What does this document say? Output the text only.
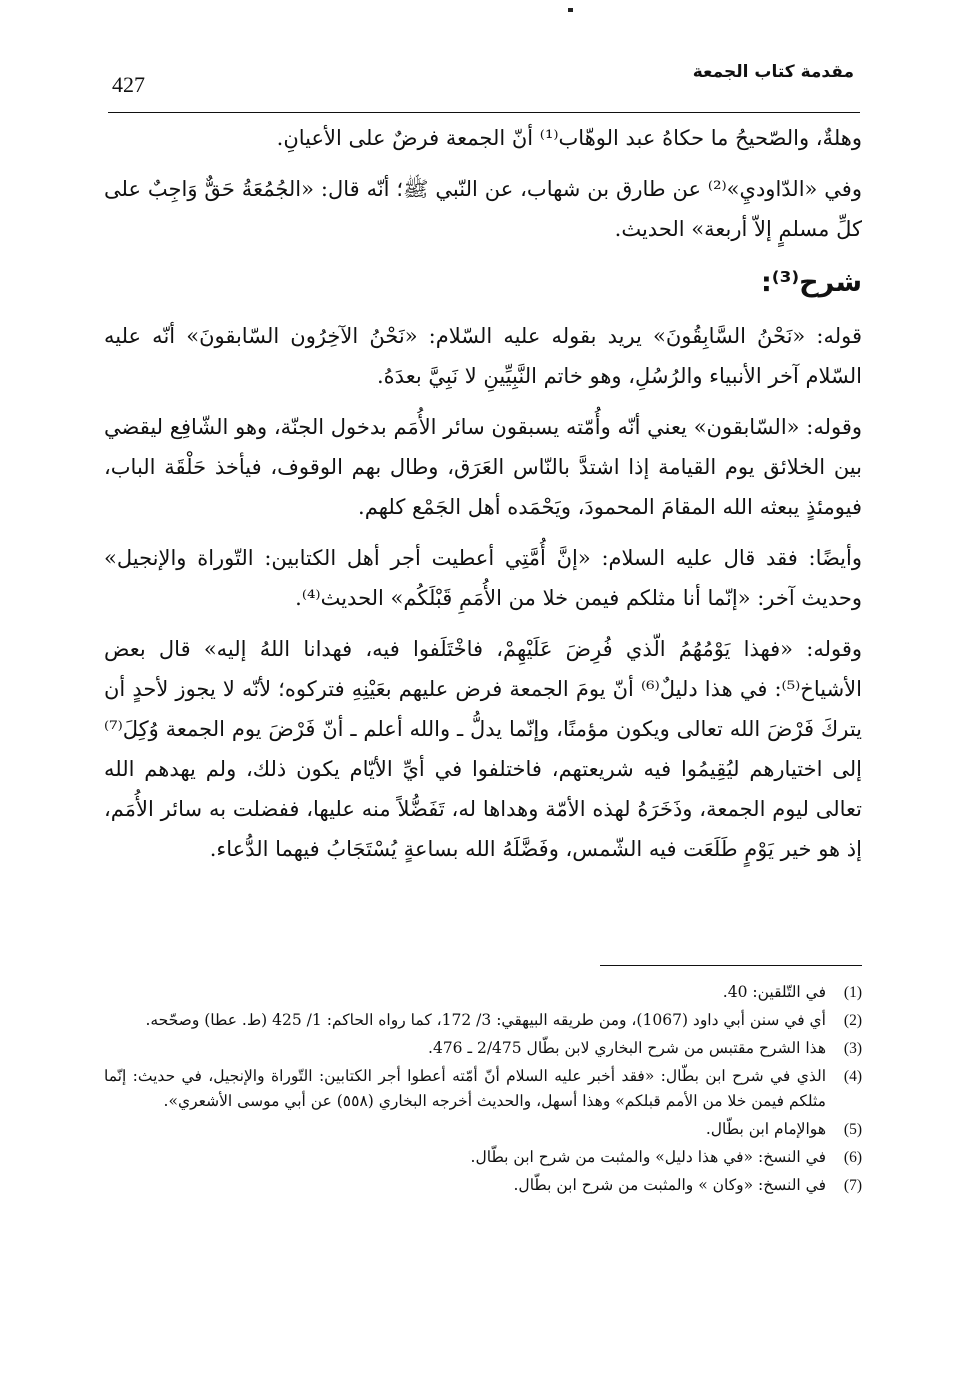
427	مقدمة كتاب الجمعة

وهلةٌ، والصّحيحُ ما حكاهُ عبد الوهّاب⁽¹⁾ أنّ الجمعة فرضٌ على الأعيانِ.

وفي «الدّاوديِ»⁽²⁾ عن طارق بن شهاب، عن النّبي ﷺ؛ أنّه قال: «الجُمُعَةُ حَقٌّ وَاجِبٌ على كلِّ مسلمٍ إلاّ أربعة» الحديث.

شرح⁽³⁾:

قوله: «نَحْنُ السَّابِقُونَ» يريد بقوله عليه السّلام: «نَحْنُ الآخِرُون السّابقونَ» أنّه عليه السّلام آخر الأنبياء والرُسُلِ، وهو خاتم النَّبِيِّينِ لا نَبِيَّ بعدَهُ.

وقوله: «السّابقون» يعني أنّه وأُمّته يسبقون سائر الأُمَم بدخول الجنّة، وهو الشّافِع ليقضي بين الخلائق يوم القيامة إذا اشتدَّ بالنّاس العَرَق، وطال بهم الوقوف، فيأخذ حَلْقَة الباب، فيومئذٍ يبعثه الله المقامَ المحمودَ، ويَحْمَده أهل الجَمْع كلهم.

وأيضًا: فقد قال عليه السلام: «إنَّ أُمَّتِي أعطيت أجر أهل الكتابين: التّوراة والإنجيل» وحديث آخر: «إنّما أنا مثلكم فيمن خلا من الأُمَمِ قَبْلَكُم» الحديث⁽⁴⁾.

وقوله: «فهذا يَوْمُهُمُ الّذي فُرِضَ عَلَيْهِمْ، فاخْتَلَفوا فيه، فهدانا اللهُ إليه» قال بعض الأشياخ⁽⁵⁾: في هذا دليلٌ⁽⁶⁾ أنّ يومَ الجمعة فرض عليهم بعَيْنِهِ فتركوه؛ لأنّه لا يجوز لأحدٍ أن يتركَ فَرْضَ الله تعالى ويكون مؤمنًا، وإنّما يدلُّ ـ والله أعلم ـ أنّ فَرْضَ يوم الجمعة وُكِلَ⁽⁷⁾ إلى اختيارهم ليُقِيمُوا فيه شريعتهم، فاختلفوا في أيِّ الأيّام يكون ذلك، ولم يهدهم الله تعالى ليوم الجمعة، وذَخَرَهُ لهذه الأمّة وهداها له، تَفَضُّلاً منه عليها، ففضلت به سائر الأُمَم، إذ هو خير يَوْمٍ طَلَعَت فيه الشّمس، وفَضَّلَهُ الله بساعةٍ يُسْتَجَابُ فيهما الدُّعاء.

(1)
في التّلقين: 40.
(2)
أي في سنن أبي داود (1067)، ومن طريقه البيهقي: 3/ 172، كما رواه الحاكم: 1/ 425 (ط. عطا) وصحّحه.
(3)
هذا الشرح مقتبس من شرح البخاري لابن بطّال 2/475 ـ 476.
(4)
الذي في شرح ابن بطّال: «فقد أخبر عليه السلام أنّ أمّته أعطوا أجر الكتابين: التّوراة والإنجيل، في حديث: إنّما مثلكم فيمن خلا من الأمم قبلكم» وهذا أسهل، والحديث أخرجه البخاري (٥٥٨) عن أبي موسى الأشعري».
(5)
هوالإمام ابن بطّال.
(6)
في النسخ: «في هذا دليل» والمثبت من شرح ابن بطّال.
(7)
في النسخ: «وكان » والمثبت من شرح ابن بطّال.
